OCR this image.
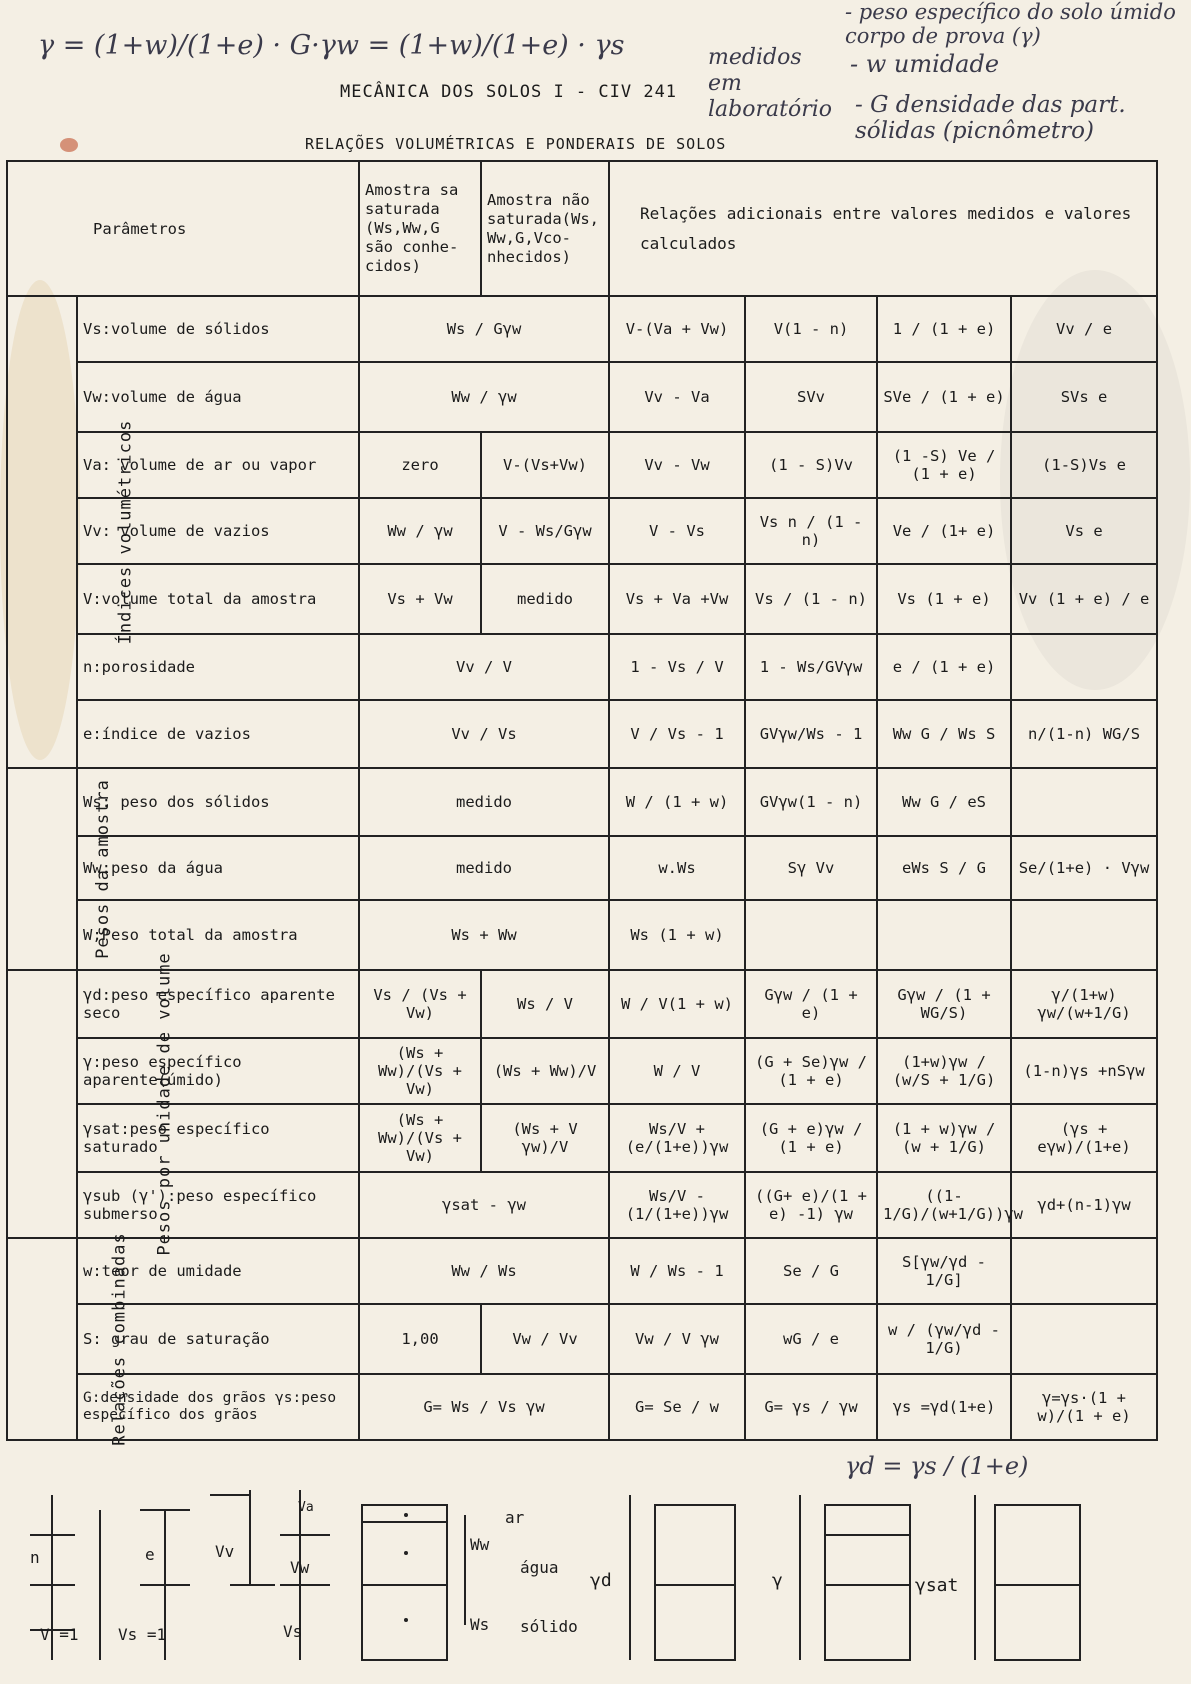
γ = (1+w)/(1+e) · G·γw = (1+w)/(1+e) · γs	medidos em laboratório
- peso específico do solo úmido corpo de prova (γ)
- w umidade
- G densidade das part. sólidas (picnômetro)
MECÂNICA DOS SOLOS I - CIV 241
RELAÇÕES VOLUMÉTRICAS E PONDERAIS DE SOLOS
Parâmetros		Amostra sa saturada (Ws,Ww,G são conhe- cidos)	Amostra não saturada(Ws, Ww,G,Vco- nhecidos)	Relações adicionais entre valores medidos e valores calculados			
Índices volumétricos	Vs:volume de sólidos	Ws / Gγw		V-(Va + Vw)	V(1 - n)	1 / (1 + e)	Vv / e
	Vw:volume de água	Ww / γw		Vv - Va	SVv	SVe / (1 + e)	SVs e
	Va: volume de ar ou vapor	zero	V-(Vs+Vw)	Vv - Vw	(1 - S)Vv	(1 -S) Ve / (1 + e)	(1-S)Vs e
	Vv: volume de vazios	Ww / γw	V - Ws/Gγw	V - Vs	Vs n / (1 - n)	Ve / (1+ e)	Vs e
	V:volume total da amostra	Vs + Vw	medido	Vs + Va +Vw	Vs / (1 - n)	Vs (1 + e)	Vv (1 + e) / e
	n:porosidade	Vv / V		1 - Vs / V	1 - Ws/GVγw	e / (1 + e)	
	e:índice de vazios	Vv / Vs		V / Vs - 1	GVγw/Ws - 1	Ww G / Ws S	n/(1-n) WG/S
Pesos da amostra	Ws: peso dos sólidos	medido		W / (1 + w)	GVγw(1 - n)	Ww G / eS	
	Ww:peso da água	medido		w.Ws	Sγ Vv	eWs S / G	Se/(1+e) · Vγw
	W;Peso total da amostra	Ws + Ww		Ws (1 + w)			
Pesos por unidade de volume	γd:peso específico aparente seco	Vs / (Vs + Vw)	Ws / V	W / V(1 + w)	Gγw / (1 + e)	Gγw / (1 + WG/S)	γ/(1+w) γw/(w+1/G)
	γ:peso específico aparente(úmido)	(Ws + Ww)/(Vs + Vw)	(Ws + Ww)/V	W / V	(G + Se)γw / (1 + e)	(1+w)γw / (w/S + 1/G)	(1-n)γs +nSγw
	γsat:peso específico saturado	(Ws + Ww)/(Vs + Vw)	(Ws + V γw)/V	Ws/V + (e/(1+e))γw	(G + e)γw / (1 + e)	(1 + w)γw / (w + 1/G)	(γs + eγw)/(1+e)
	γsub (γ'):peso específico submerso	γsat - γw		Ws/V - (1/(1+e))γw	((G+ e)/(1 + e) -1) γw	((1-1/G)/(w+1/G))γw	γd+(n-1)γw
Relações combinadas	w:teor de umidade	Ww / Ws		W / Ws - 1	Se / G	S[γw/γd - 1/G]	
	S: grau de saturação	1,00	Vw / Vv	Vw / V γw	wG / e	w / (γw/γd - 1/G)	
	G:densidade dos grãos γs:peso específico dos grãos	G= Ws / Vs γw		G= Se / w	G= γs / γw	γs =γd(1+e)	γ=γs·(1 + w)/(1 + e)
γd = γs / (1+e)
n
V =1
e
Vs =1
Vv
Vw
Vs
Va
Ww
Ws
ar
água
sólido
γd	γ	γsat
